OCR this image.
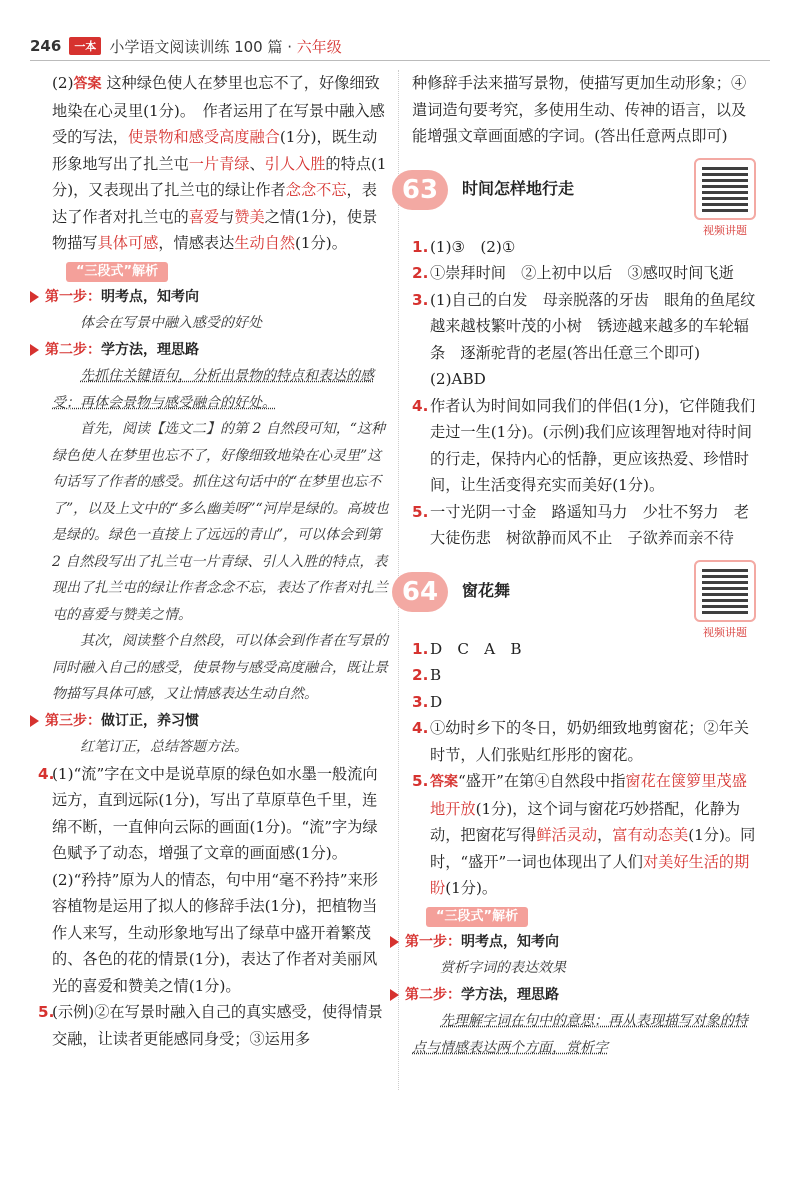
246	一本 小学语文阅读训练 100 篇 · 六年级

(2)答案 这种绿色使人在梦里也忘不了，好像细致地染在心灵里(1分)。　作者运用了在写景中融入感受的写法，使景物和感受高度融合(1分)，既生动形象地写出了扎兰屯一片青绿、引人入胜的特点(1分)，又表现出了扎兰屯的绿让作者念念不忘，表达了作者对扎兰屯的喜爱与赞美之情(1分)，使景物描写具体可感，情感表达生动自然(1分)。

“三段式”解析

第一步：明考点，知考向

体会在写景中融入感受的好处

第二步：学方法，理思路

先抓住关键语句，分析出景物的特点和表达的感受；再体会景物与感受融合的好处。

首先，阅读【选文二】的第 2 自然段可知，“这种绿色使人在梦里也忘不了，好像细致地染在心灵里”这句话写了作者的感受。抓住这句话中的“在梦里也忘不了”，以及上文中的“多么幽美呀”“河岸是绿的。高坡也是绿的。绿色一直接上了远远的青山”，可以体会到第 2 自然段写出了扎兰屯一片青绿、引人入胜的特点，表现出了扎兰屯的绿让作者念念不忘，表达了作者对扎兰屯的喜爱与赞美之情。

其次，阅读整个自然段，可以体会到作者在写景的同时融入自己的感受，使景物与感受高度融合，既让景物描写具体可感，又让情感表达生动自然。

第三步：做订正，养习惯

红笔订正，总结答题方法。

4.(1)“流”字在文中是说草原的绿色如水墨一般流向远方，直到远际(1分)，写出了草原草色千里，连绵不断，一直伸向云际的画面(1分)。“流”字为绿色赋予了动态，增强了文章的画面感(1分)。

(2)“矜持”原为人的情态，句中用“毫不矜持”来形容植物是运用了拟人的修辞手法(1分)，把植物当作人来写，生动形象地写出了绿草中盛开着繁茂的、各色的花的情景(1分)，表达了作者对美丽风光的喜爱和赞美之情(1分)。

5.(示例)②在写景时融入自己的真实感受，使得情景交融，让读者更能感同身受；③运用多

种修辞手法来描写景物，使描写更加生动形象；④遣词造句要考究，多使用生动、传神的语言，以及能增强文章画面感的字词。(答出任意两点即可)

63	时间怎样地行走
视频讲题
1. (1)③　(2)①
2. ①崇拜时间　②上初中以后　③感叹时间飞逝
3. (1)自己的白发　母亲脱落的牙齿　眼角的鱼尾纹　越来越枝繁叶茂的小树　锈迹越来越多的车轮辐条　逐渐驼背的老屋(答出任意三个即可)
(2)ABD
4. 作者认为时间如同我们的伴侣(1分)，它伴随我们走过一生(1分)。(示例)我们应该理智地对待时间的行走，保持内心的恬静，更应该热爱、珍惜时间，让生活变得充实而美好(1分)。
5. 一寸光阴一寸金　路遥知马力　少壮不努力　老大徒伤悲　树欲静而风不止　子欲养而亲不待
64	窗花舞
视频讲题
1. D　C　A　B
2. B
3. D
4. ①幼时乡下的冬日，奶奶细致地剪窗花；②年关时节，人们张贴红彤彤的窗花。
5. 答案“盛开”在第④自然段中指窗花在箧箩里茂盛地开放(1分)，这个词与窗花巧妙搭配，化静为动，把窗花写得鲜活灵动，富有动态美(1分)。同时，“盛开”一词也体现出了人们对美好生活的期盼(1分)。
“三段式”解析

第一步：明考点，知考向

赏析字词的表达效果

第二步：学方法，理思路

先理解字词在句中的意思；再从表现描写对象的特点与情感表达两个方面，赏析字
